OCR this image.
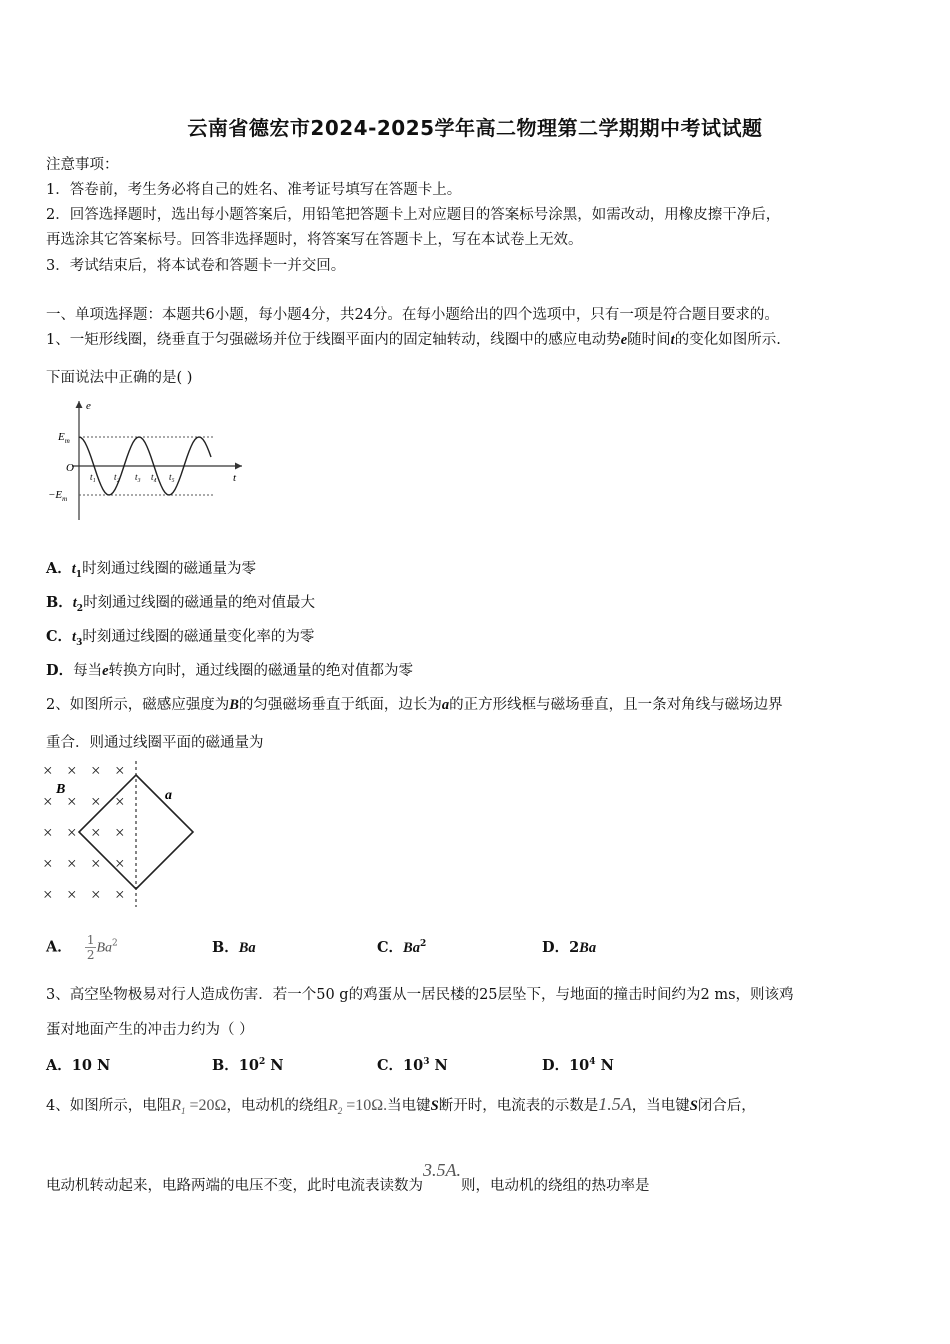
云南省德宏市2024-2025学年高二物理第二学期期中考试试题
注意事项：
1．答卷前，考生务必将自己的姓名、准考证号填写在答题卡上。
2．回答选择题时，选出每小题答案后，用铅笔把答题卡上对应题目的答案标号涂黑，如需改动，用橡皮擦干净后，
再选涂其它答案标号。回答非选择题时，将答案写在答题卡上，写在本试卷上无效。
3．考试结束后，将本试卷和答题卡一并交回。
一、单项选择题：本题共6小题，每小题4分，共24分。在每小题给出的四个选项中，只有一项是符合题目要求的。
1、一矩形线圈，绕垂直于匀强磁场并位于线圈平面内的固定轴转动，线圈中的感应电动势e随时间t的变化如图所示.
下面说法中正确的是( )
e
t
O
$E_m$
$-E_m$
t₁ t₂ t₃ t₄ t₅
A．$t_1$时刻通过线圈的磁通量为零
B．$t_2$时刻通过线圈的磁通量的绝对值最大
C．$t_3$时刻通过线圈的磁通量变化率的为零
D．每当e转换方向时，通过线圈的磁通量的绝对值都为零
2、如图所示，磁感应强度为B的匀强磁场垂直于纸面，边长为a的正方形线框与磁场垂直，且一条对角线与磁场边界
重合．则通过线圈平面的磁通量为
× × × ×
× × × ×
× × × ×
× × × ×
× × × ×
B	a
A． $\frac{1}{2} Ba^2$	B．Ba	C．Ba$^2$	D．2Ba
3、高空坠物极易对行人造成伤害．若一个50 g的鸡蛋从一居民楼的25层坠下，与地面的撞击时间约为2 ms，则该鸡
蛋对地面产生的冲击力约为（ ）
A．10 N	B．$10^2$ N	C．$10^3$ N	D．$10^4$ N
4、如图所示，电阻$R_1 =20\Omega$，电动机的绕组$R_2 =10\Omega$.当电键S断开时，电流表的示数是1.5A，当电键S闭合后，
电动机转动起来，电路两端的电压不变，此时电流表读数为3.5A.则，电动机的绕组的热功率是
